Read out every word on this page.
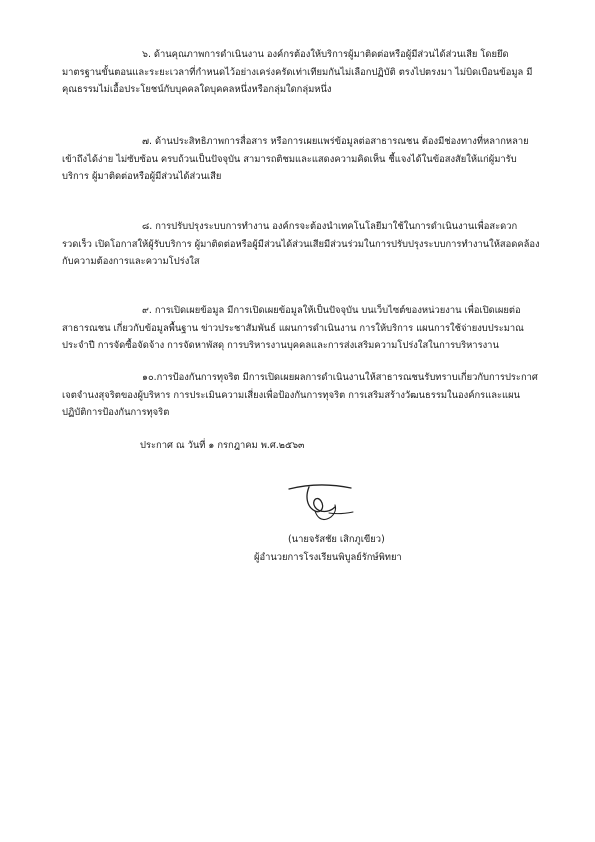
๖. ด้านคุณภาพการดำเนินงาน องค์กรต้องให้บริการผู้มาติดต่อหรือผู้มีส่วนได้ส่วนเสีย โดยยึดมาตรฐานขั้นตอนและระยะเวลาที่กำหนดไว้อย่างเคร่งครัดเท่าเทียมกันไม่เลือกปฏิบัติ ตรงไปตรงมา ไม่บิดเบือนข้อมูล มีคุณธรรมไม่เอื้อประโยชน์กับบุคคลใดบุคคลหนึ่งหรือกลุ่มใดกลุ่มหนึ่ง

๗. ด้านประสิทธิภาพการสื่อสาร หรือการเผยแพร่ข้อมูลต่อสาธารณชน ต้องมีช่องทางที่หลากหลายเข้าถึงได้ง่าย ไม่ซับซ้อน ครบถ้วนเป็นปัจจุบัน สามารถติชมและแสดงความคิดเห็น ชี้แจงได้ในข้อสงสัยให้แก่ผู้มารับบริการ ผู้มาติดต่อหรือผู้มีส่วนได้ส่วนเสีย

๘. การปรับปรุงระบบการทำงาน องค์กรจะต้องนำเทคโนโลยีมาใช้ในการดำเนินงานเพื่อสะดวกรวดเร็ว เปิดโอกาสให้ผู้รับบริการ ผู้มาติดต่อหรือผู้มีส่วนได้ส่วนเสียมีส่วนร่วมในการปรับปรุงระบบการทำงานให้สอดคล้องกับความต้องการและความโปร่งใส

๙. การเปิดเผยข้อมูล มีการเปิดเผยข้อมูลให้เป็นปัจจุบัน บนเว็บไซต์ของหน่วยงาน เพื่อเปิดเผยต่อสาธารณชน เกี่ยวกับข้อมูลพื้นฐาน ข่าวประชาสัมพันธ์ แผนการดำเนินงาน การให้บริการ แผนการใช้จ่ายงบประมาณประจำปี การจัดซื้อจัดจ้าง การจัดหาพัสดุ การบริหารงานบุคคลและการส่งเสริมความโปร่งใสในการบริหารงาน

๑๐.การป้องกันการทุจริต มีการเปิดเผยผลการดำเนินงานให้สาธารณชนรับทราบเกี่ยวกับการประกาศเจตจำนงสุจริตของผู้บริหาร การประเมินความเสี่ยงเพื่อป้องกันการทุจริต การเสริมสร้างวัฒนธรรมในองค์กรและแผนปฏิบัติการป้องกันการทุจริต

ประกาศ ณ วันที่ ๑ กรกฎาคม พ.ศ.๒๕๖๓

(นายจรัสชัย เสิกภูเขียว)

ผู้อำนวยการโรงเรียนพิบูลย์รักษ์พิทยา
